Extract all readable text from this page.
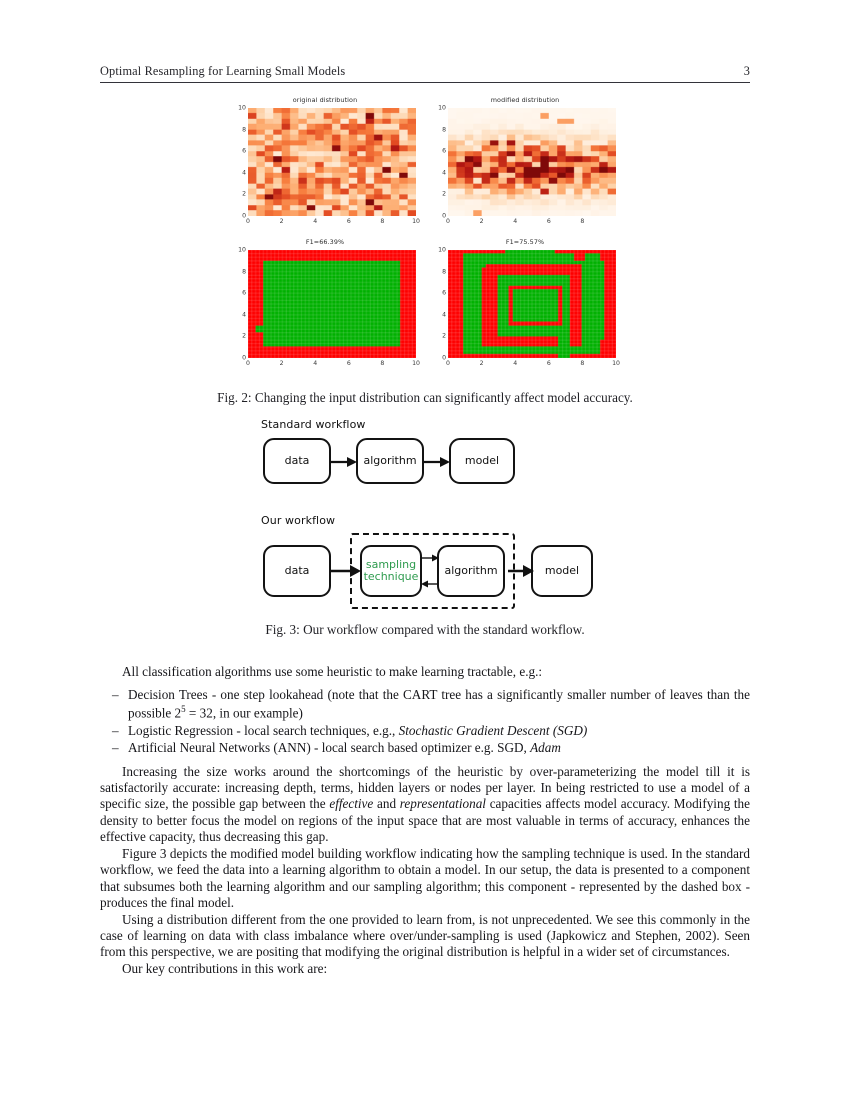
Optimal Resampling for Learning Small Models	3
original distribution
10
8
6
4
2
0
0	2	4	6	8	10
modified distribution
10
8
6
4
2
0
0	2	4	6	8
F1=66.39%
10
8
6
4
2
0
0	2	4	6	8	10
F1=75.57%
10
8
6
4
2
0
0	2	4	6	8	10
Fig. 2: Changing the input distribution can significantly affect model accuracy.
Standard workflow
data	algorithm	model
Our workflow
data	sampling
technique	algorithm	model
Fig. 3: Our workflow compared with the standard workflow.

All classification algorithms use some heuristic to make learning tractable, e.g.:

– Decision Trees - one step lookahead (note that the CART tree has a significantly smaller number of leaves than the possible $2^5 = 32$, in our example)
– Logistic Regression - local search techniques, e.g., Stochastic Gradient Descent (SGD)
– Artificial Neural Networks (ANN) - local search based optimizer e.g. SGD, Adam

Increasing the size works around the shortcomings of the heuristic by over-parameterizing the model till it is satisfactorily accurate: increasing depth, terms, hidden layers or nodes per layer. In being restricted to use a model of a specific size, the possible gap between the effective and representational capacities affects model accuracy. Modifying the density to better focus the model on regions of the input space that are most valuable in terms of accuracy, enhances the effective capacity, thus decreasing this gap.

Figure 3 depicts the modified model building workflow indicating how the sampling technique is used. In the standard workflow, we feed the data into a learning algorithm to obtain a model. In our setup, the data is presented to a component that subsumes both the learning algorithm and our sampling algorithm; this component - represented by the dashed box - produces the final model.

Using a distribution different from the one provided to learn from, is not unprecedented. We see this commonly in the case of learning on data with class imbalance where over/under-sampling is used (Japkowicz and Stephen, 2002). Seen from this perspective, we are positing that modifying the original distribution is helpful in a wider set of circumstances.

Our key contributions in this work are:
